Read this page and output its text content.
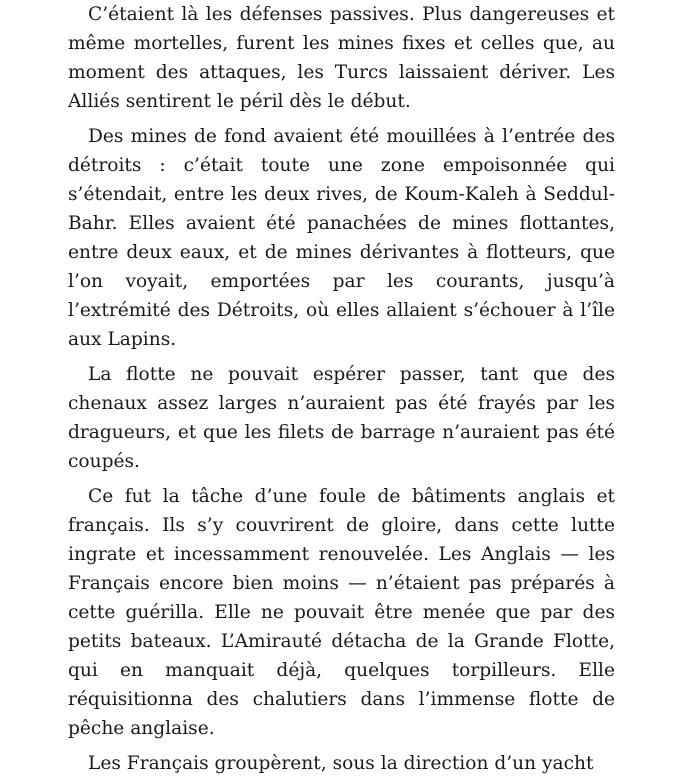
C’étaient là les défenses passives. Plus dangereuses et même mortelles, furent les mines fixes et celles que, au moment des attaques, les Turcs laissaient dériver. Les Alliés sentirent le péril dès le début.

Des mines de fond avaient été mouillées à l’entrée des détroits : c’était toute une zone empoisonnée qui s’étendait, entre les deux rives, de Koum-Kaleh à Seddul-Bahr. Elles avaient été panachées de mines flottantes, entre deux eaux, et de mines dérivantes à flotteurs, que l’on voyait, emportées par les courants, jusqu’à l’extrémité des Détroits, où elles allaient s’échouer à l’île aux Lapins.

La flotte ne pouvait espérer passer, tant que des chenaux assez larges n’auraient pas été frayés par les dragueurs, et que les filets de barrage n’auraient pas été coupés.

Ce fut la tâche d’une foule de bâtiments anglais et français. Ils s’y couvrirent de gloire, dans cette lutte ingrate et incessamment renouvelée. Les Anglais — les Français encore bien moins — n’étaient pas préparés à cette guérilla. Elle ne pouvait être menée que par des petits bateaux. L’Amirauté détacha de la Grande Flotte, qui en manquait déjà, quelques torpilleurs. Elle réquisitionna des chalutiers dans l’immense flotte de pêche anglaise.

Les Français groupèrent, sous la direction d’un yacht
